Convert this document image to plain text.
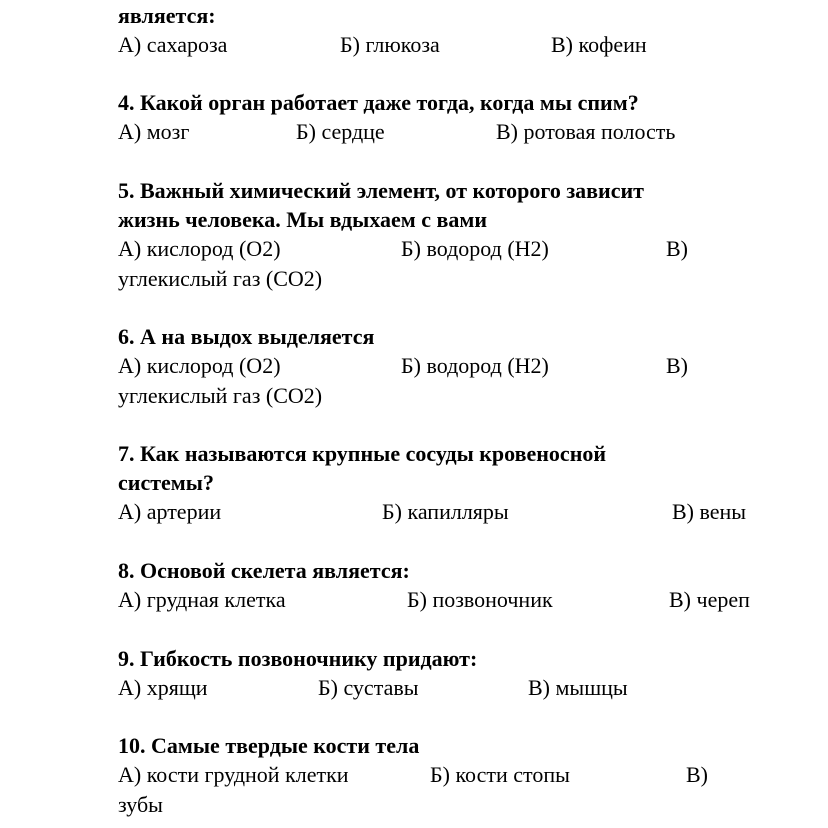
является:
А) сахароза	Б) глюкоза	В) кофеин
4. Какой орган работает даже тогда, когда мы спим?
А) мозг	Б) сердце	В) ротовая полость
5. Важный химический элемент, от которого зависит
жизнь человека. Мы вдыхаем с вами
А) кислород (О2)	Б) водород (Н2)	В)
углекислый газ (СО2)
6. А на выдох выделяется
А) кислород (О2)	Б) водород (Н2)	В)
углекислый газ (СО2)
7. Как называются крупные сосуды кровеносной
системы?
А) артерии	Б) капилляры	В) вены
8. Основой скелета является:
А) грудная клетка	Б) позвоночник	В) череп
9. Гибкость позвоночнику придают:
А) хрящи	Б) суставы	В) мышцы
10. Самые твердые кости тела
А) кости грудной клетки	Б) кости стопы	В)
зубы
